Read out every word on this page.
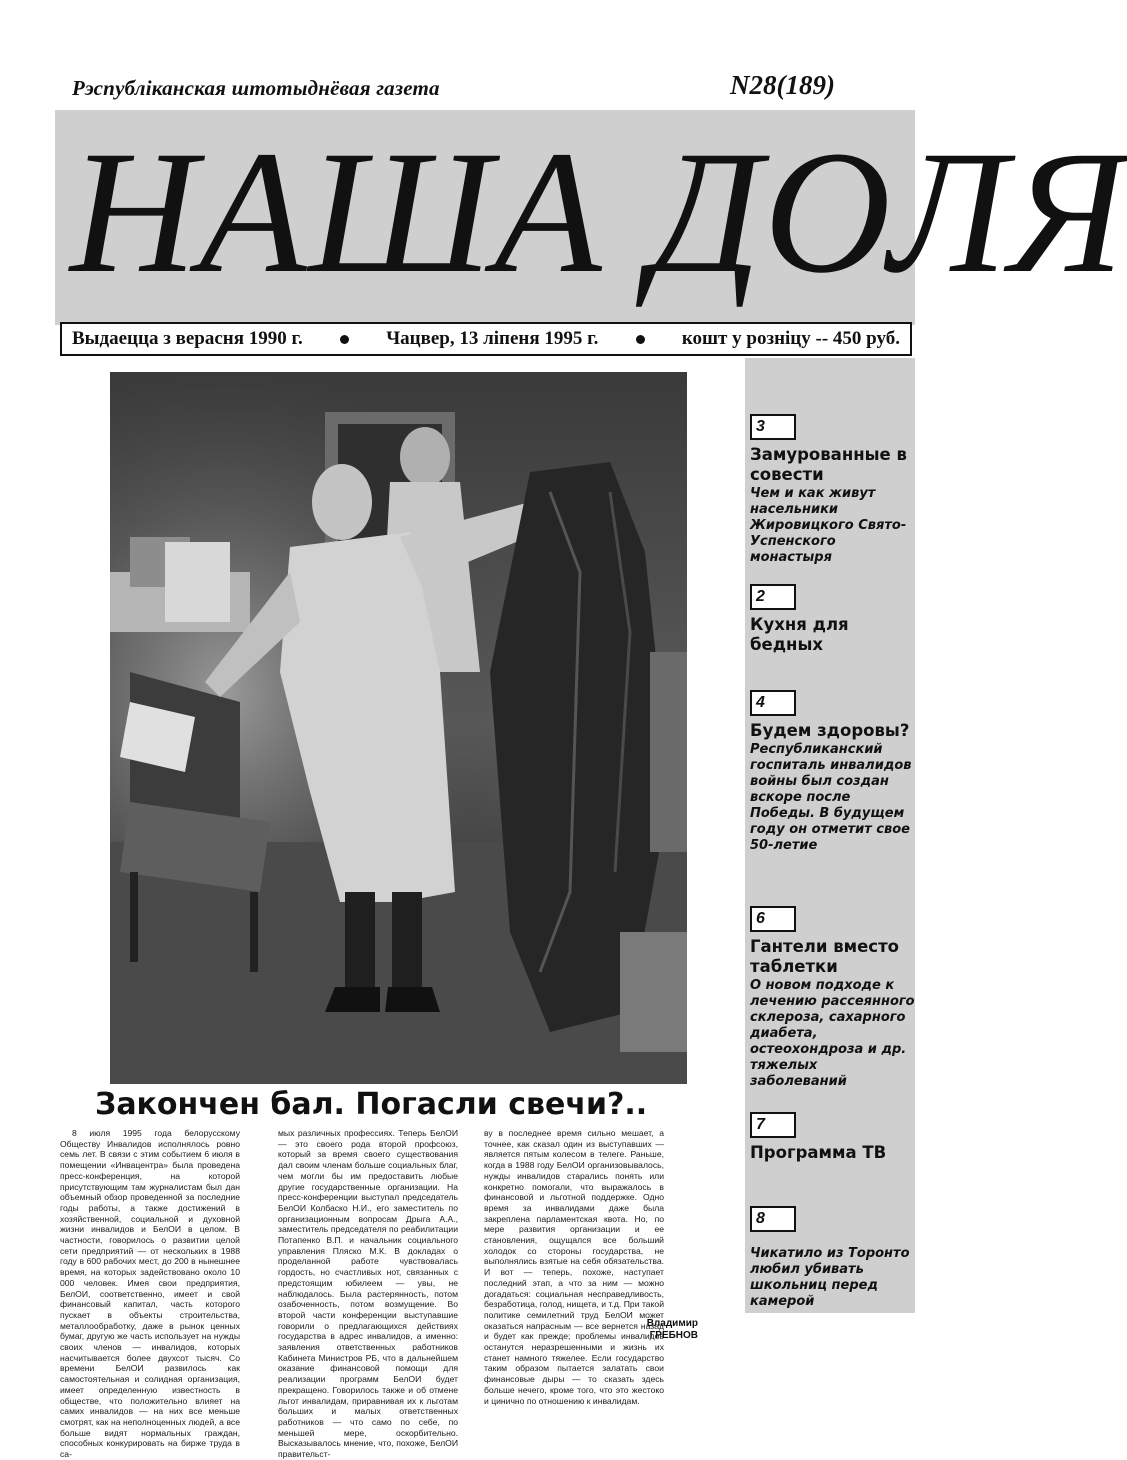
Рэспубліканская штотыднёвая газета	N28(189)
НАША ДОЛЯ
Выдаецца з верасня 1990 г.	Чацвер, 13 ліпеня 1995 г.	кошт у розніцу -- 450 руб.
3
Замурованные в совести
Чем и как живут насельники Жировицкого Свято-Успенского монастыря
2
Кухня для бедных
4
Будем здоровы?
Республиканский госпиталь инвалидов войны был создан вскоре после Победы. В будущем году он отметит свое 50-летие
6
Гантели вместо таблетки
О новом подходе к лечению рассеянного склероза, сахарного диабета, остеохондроза и др. тяжелых заболеваний
7
Программа ТВ
8
Чикатило из Торонто любил убивать школьниц перед камерой
Закончен бал. Погасли свечи?..
8 июля 1995 года белорусскому Обществу Инвалидов исполнялось ровно семь лет. В связи с этим событием 6 июля в помещении «Инвацентра» была проведена пресс-конференция, на которой присутствующим там журналистам был дан объемный обзор проведенной за последние годы работы, а также достижений в хозяйственной, социальной и духовной жизни инвалидов и БелОИ в целом. В частности, говорилось о развитии целой сети предприятий — от нескольких в 1988 году в 600 рабочих мест, до 200 в нынешнее время, на которых задействовано около 10 000 человек. Имея свои предприятия, БелОИ, соответственно, имеет и свой финансовый капитал, часть которого пускает в объекты строительства, металлообработку, даже в рынок ценных бумаг, другую же часть использует на нужды своих членов — инвалидов, которых насчитывается более двухсот тысяч. Со времени БелОИ развилось как самостоятельная и солидная организация, имеет определенную известность в обществе, что положительно влияет на самих инвалидов — на них все меньше смотрят, как на неполноценных людей, а все больше видят нормальных граждан, способных конкурировать на бирже труда в са-
мых различных профессиях. Теперь БелОИ — это своего рода второй профсоюз, который за время своего существования дал своим членам больше социальных благ, чем могли бы им предоставить любые другие государственные организации. На пресс-конференции выступал председатель БелОИ Колбаско Н.И., его заместитель по организационным вопросам Дрыга А.А., заместитель председателя по реабилитации Потапенко В.П. и начальник социального управления Пляско М.К. В докладах о проделанной работе чувствовалась гордость, но счастливых нот, связанных с предстоящим юбилеем — увы, не наблюдалось. Была растерянность, потом озабоченность, потом возмущение. Во второй части конференции выступавшие говорили о предлагающихся действиях государства в адрес инвалидов, а именно: заявления ответственных работников Кабинета Министров РБ, что в дальнейшем оказание финансовой помощи для реализации программ БелОИ будет прекращено. Говорилось также и об отмене льгот инвалидам, приравнивая их к льготам больших и малых ответственных работников — что само по себе, по меньшей мере, оскорбительно. Высказывалось мнение, что, похоже, БелОИ правительст-
ву в последнее время сильно мешает, а точнее, как сказал один из выступавших — является пятым колесом в телеге. Раньше, когда в 1988 году БелОИ организовывалось, нужды инвалидов старались понять или конкретно помогали, что выражалось в финансовой и льготной поддержке. Одно время за инвалидами даже была закреплена парламентская квота. Но, по мере развития организации и ее становления, ощущался все больший холодок со стороны государства, не выполнялись взятые на себя обязательства. И вот — теперь, похоже, наступает последний этап, а что за ним — можно догадаться: социальная несправедливость, безработица, голод, нищета, и т.д. При такой политике семилетний труд БелОИ может оказаться напрасным — все вернется назад и будет как прежде; проблемы инвалидов останутся неразрешенными и жизнь их станет намного тяжелее. Если государство таким образом пытается залатать свои финансовые дыры — то сказать здесь больше нечего, кроме того, что это жестоко и цинично по отношению к инвалидам.
Владимир
ГРЕБНОВ
